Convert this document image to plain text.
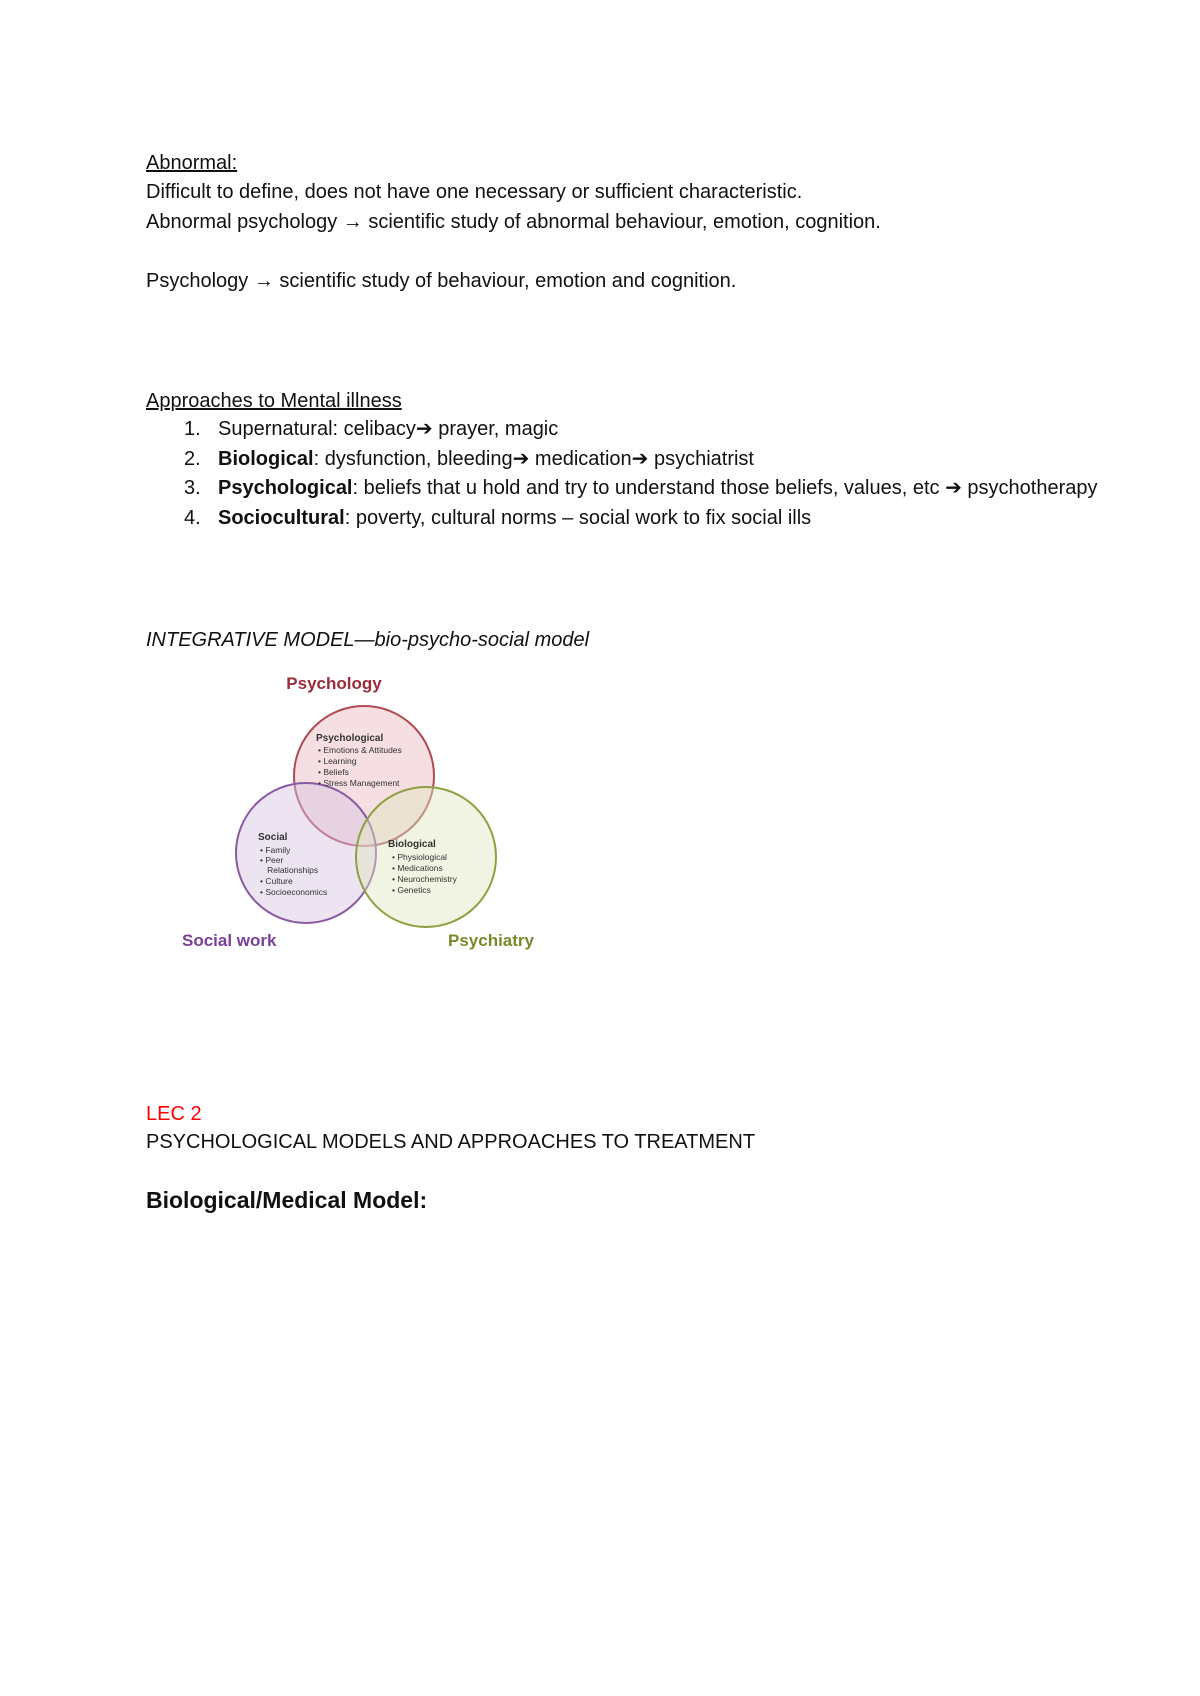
Abnormal:
Difficult to define, does not have one necessary or sufficient characteristic.
Abnormal psychology → scientific study of abnormal behaviour, emotion, cognition.
Psychology → scientific study of behaviour, emotion and cognition.
Approaches to Mental illness
1. Supernatural: celibacy➔ prayer, magic
2. Biological: dysfunction, bleeding➔ medication➔ psychiatrist
3. Psychological: beliefs that u hold and try to understand those beliefs, values, etc ➔ psychotherapy
4. Sociocultural: poverty, cultural norms – social work to fix social ills
INTEGRATIVE MODEL—bio-psycho-social model
Psychology
Psychological
• Emotions & Attitudes
• Learning
• Beliefs
• Stress Management
Social
• Family
• Peer
Relationships
• Culture
• Socioeconomics
Biological
• Physiological
• Medications
• Neurochemistry
• Genetics
Social work	Psychiatry
LEC 2
PSYCHOLOGICAL MODELS AND APPROACHES TO TREATMENT
Biological/Medical Model:
